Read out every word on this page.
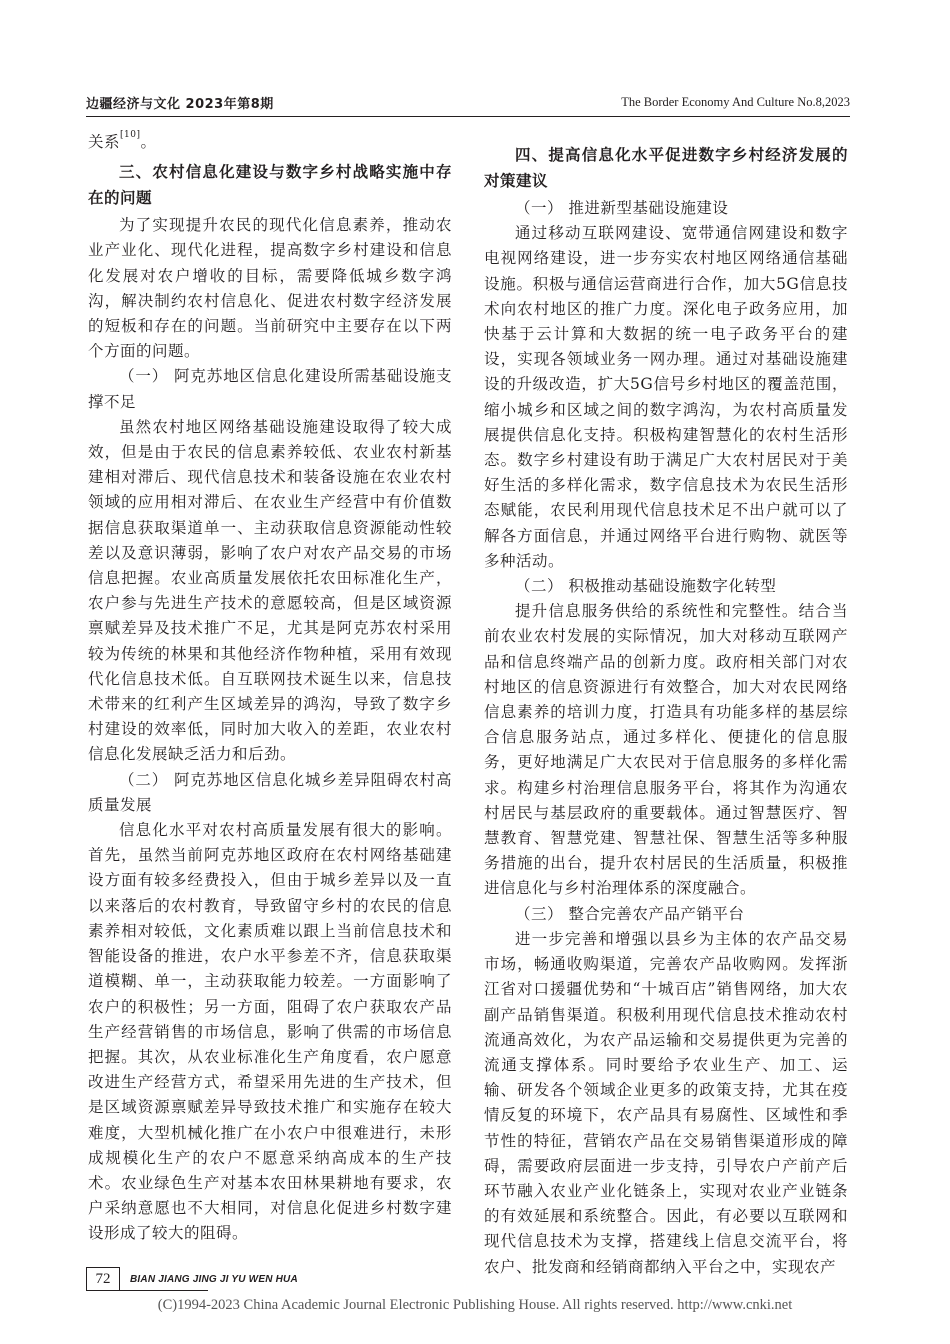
边疆经济与文化 2023年第8期	The Border Economy And Culture No.8,2023

关系[10]。

三、农村信息化建设与数字乡村战略实施中存在的问题

为了实现提升农民的现代化信息素养，推动农业产业化、现代化进程，提高数字乡村建设和信息化发展对农户增收的目标，需要降低城乡数字鸿沟，解决制约农村信息化、促进农村数字经济发展的短板和存在的问题。当前研究中主要存在以下两个方面的问题。

（一） 阿克苏地区信息化建设所需基础设施支撑不足

虽然农村地区网络基础设施建设取得了较大成效，但是由于农民的信息素养较低、农业农村新基建相对滞后、现代信息技术和装备设施在农业农村领域的应用相对滞后、在农业生产经营中有价值数据信息获取渠道单一、主动获取信息资源能动性较差以及意识薄弱，影响了农户对农产品交易的市场信息把握。农业高质量发展依托农田标准化生产，农户参与先进生产技术的意愿较高，但是区域资源禀赋差异及技术推广不足，尤其是阿克苏农村采用较为传统的林果和其他经济作物种植，采用有效现代化信息技术低。自互联网技术诞生以来，信息技术带来的红利产生区域差异的鸿沟，导致了数字乡村建设的效率低，同时加大收入的差距，农业农村信息化发展缺乏活力和后劲。

（二） 阿克苏地区信息化城乡差异阻碍农村高质量发展

信息化水平对农村高质量发展有很大的影响。首先，虽然当前阿克苏地区政府在农村网络基础建设方面有较多经费投入，但由于城乡差异以及一直以来落后的农村教育，导致留守乡村的农民的信息素养相对较低，文化素质难以跟上当前信息技术和智能设备的推进，农户水平参差不齐，信息获取渠道模糊、单一，主动获取能力较差。一方面影响了农户的积极性；另一方面，阻碍了农户获取农产品生产经营销售的市场信息，影响了供需的市场信息把握。其次，从农业标准化生产角度看，农户愿意改进生产经营方式，希望采用先进的生产技术，但是区域资源禀赋差异导致技术推广和实施存在较大难度，大型机械化推广在小农户中很难进行，未形成规模化生产的农户不愿意采纳高成本的生产技术。农业绿色生产对基本农田林果耕地有要求，农户采纳意愿也不大相同，对信息化促进乡村数字建设形成了较大的阻碍。

四、提高信息化水平促进数字乡村经济发展的对策建议
（一） 推进新型基础设施建设

通过移动互联网建设、宽带通信网建设和数字电视网络建设，进一步夯实农村地区网络通信基础设施。积极与通信运营商进行合作，加大5G信息技术向农村地区的推广力度。深化电子政务应用，加快基于云计算和大数据的统一电子政务平台的建设，实现各领域业务一网办理。通过对基础设施建设的升级改造，扩大5G信号乡村地区的覆盖范围，缩小城乡和区域之间的数字鸿沟，为农村高质量发展提供信息化支持。积极构建智慧化的农村生活形态。数字乡村建设有助于满足广大农村居民对于美好生活的多样化需求，数字信息技术为农民生活形态赋能，农民利用现代信息技术足不出户就可以了解各方面信息，并通过网络平台进行购物、就医等多种活动。

（二） 积极推动基础设施数字化转型

提升信息服务供给的系统性和完整性。结合当前农业农村发展的实际情况，加大对移动互联网产品和信息终端产品的创新力度。政府相关部门对农村地区的信息资源进行有效整合，加大对农民网络信息素养的培训力度，打造具有功能多样的基层综合信息服务站点，通过多样化、便捷化的信息服务，更好地满足广大农民对于信息服务的多样化需求。构建乡村治理信息服务平台，将其作为沟通农村居民与基层政府的重要载体。通过智慧医疗、智慧教育、智慧党建、智慧社保、智慧生活等多种服务措施的出台，提升农村居民的生活质量，积极推进信息化与乡村治理体系的深度融合。

（三） 整合完善农产品产销平台

进一步完善和增强以县乡为主体的农产品交易市场，畅通收购渠道，完善农产品收购网。发挥浙江省对口援疆优势和“十城百店”销售网络，加大农副产品销售渠道。积极利用现代信息技术推动农村流通高效化，为农产品运输和交易提供更为完善的流通支撑体系。同时要给予农业生产、加工、运输、研发各个领域企业更多的政策支持，尤其在疫情反复的环境下，农产品具有易腐性、区域性和季节性的特征，营销农产品在交易销售渠道形成的障碍，需要政府层面进一步支持，引导农户产前产后环节融入农业产业化链条上，实现对农业产业链条的有效延展和系统整合。因此，有必要以互联网和现代信息技术为支撑，搭建线上信息交流平台，将农户、批发商和经销商都纳入平台之中，实现农产

72	BIAN JIANG JING JI YU WEN HUA
(C)1994-2023 China Academic Journal Electronic Publishing House. All rights reserved. http://www.cnki.net
